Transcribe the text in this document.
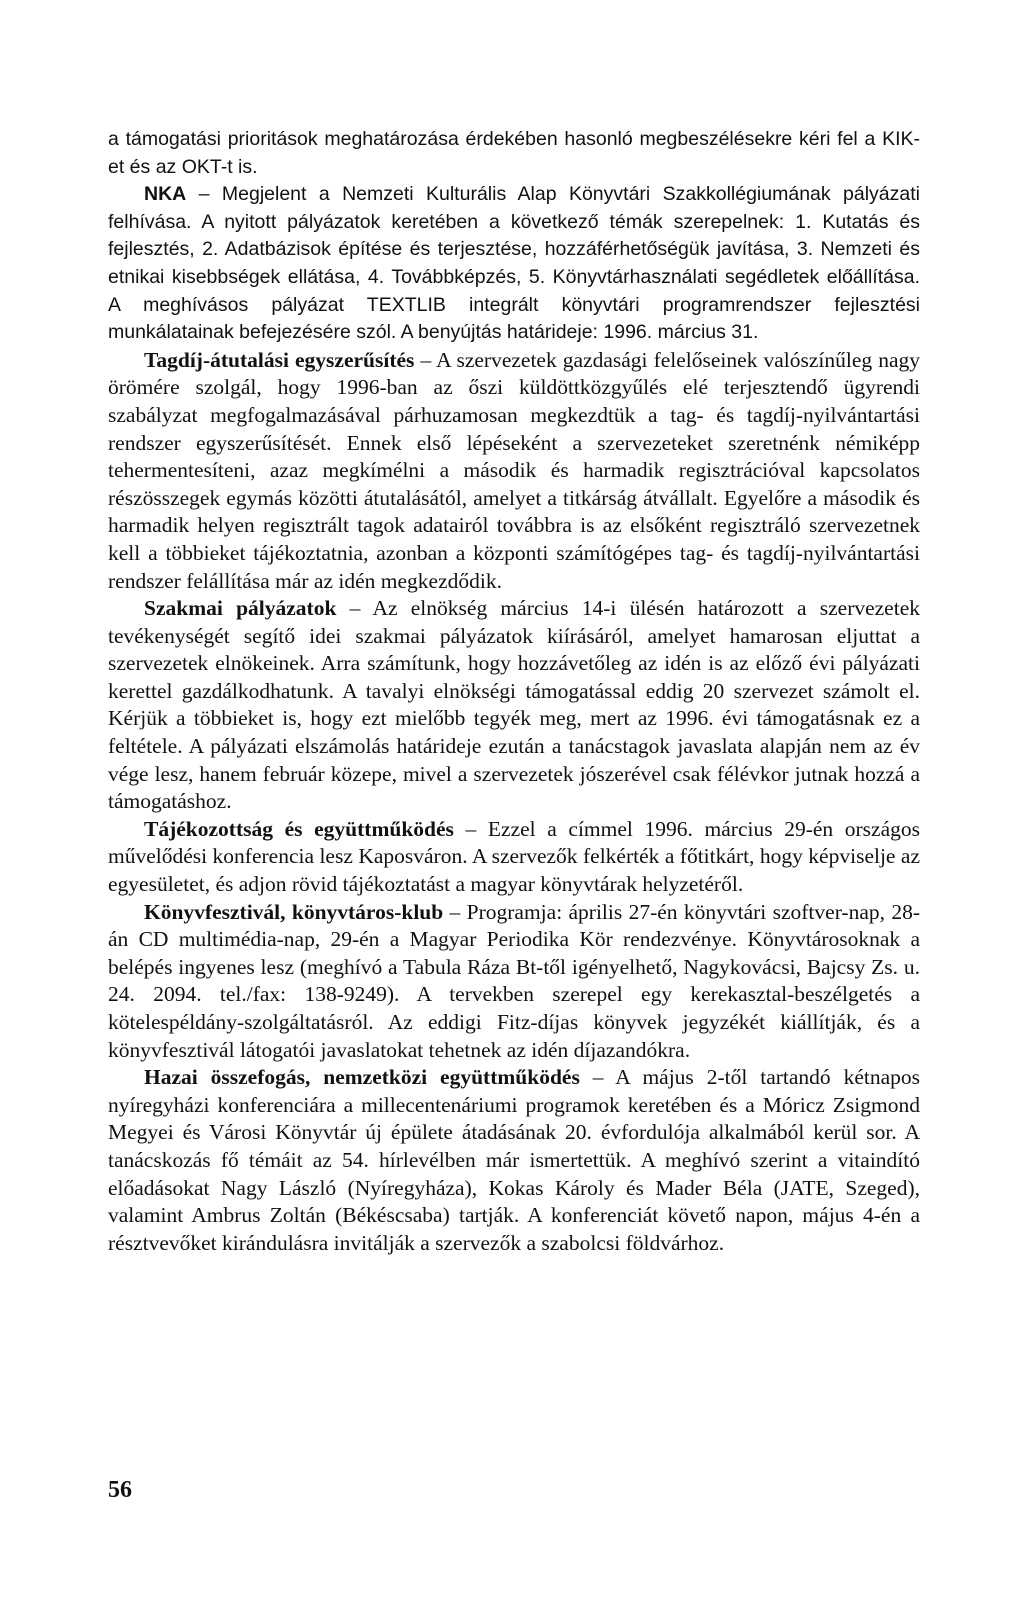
a támogatási prioritások meghatározása érdekében hasonló megbeszélésekre kéri fel a KIK-et és az OKT-t is.

NKA – Megjelent a Nemzeti Kulturális Alap Könyvtári Szakkollégiumának pályázati felhívása. A nyitott pályázatok keretében a következő témák szerepelnek: 1. Kutatás és fejlesztés, 2. Adatbázisok építése és terjesztése, hozzáférhetőségük javítása, 3. Nemzeti és etnikai kisebbségek ellátása, 4. Továbbképzés, 5. Könyvtárhasználati segédletek előállítása. A meghívásos pályázat TEXTLIB integrált könyvtári programrendszer fejlesztési munkálatainak befejezésére szól. A benyújtás határideje: 1996. március 31.

Tagdíj-átutalási egyszerűsítés – A szervezetek gazdasági felelőseinek valószínűleg nagy örömére szolgál, hogy 1996-ban az őszi küldöttközgyűlés elé terjesztendő ügyrendi szabályzat megfogalmazásával párhuzamosan megkezdtük a tag- és tagdíj-nyilvántartási rendszer egyszerűsítését. Ennek első lépéseként a szervezeteket szeretnénk némiképp tehermentesíteni, azaz megkímélni a második és harmadik regisztrációval kapcsolatos részösszegek egymás közötti átutalásától, amelyet a titkárság átvállalt. Egyelőre a második és harmadik helyen regisztrált tagok adatairól továbbra is az elsőként regisztráló szervezetnek kell a többieket tájékoztatnia, azonban a központi számítógépes tag- és tagdíj-nyilvántartási rendszer felállítása már az idén megkezdődik.

Szakmai pályázatok – Az elnökség március 14-i ülésén határozott a szervezetek tevékenységét segítő idei szakmai pályázatok kiírásáról, amelyet hamarosan eljuttat a szervezetek elnökeinek. Arra számítunk, hogy hozzávetőleg az idén is az előző évi pályázati kerettel gazdálkodhatunk. A tavalyi elnökségi támogatással eddig 20 szervezet számolt el. Kérjük a többieket is, hogy ezt mielőbb tegyék meg, mert az 1996. évi támogatásnak ez a feltétele. A pályázati elszámolás határideje ezután a tanácstagok javaslata alapján nem az év vége lesz, hanem február közepe, mivel a szervezetek jószerével csak félévkor jutnak hozzá a támogatáshoz.

Tájékozottság és együttműködés – Ezzel a címmel 1996. március 29-én országos művelődési konferencia lesz Kaposváron. A szervezők felkérték a főtitkárt, hogy képviselje az egyesületet, és adjon rövid tájékoztatást a magyar könyvtárak helyzetéről.

Könyvfesztivál, könyvtáros-klub – Programja: április 27-én könyvtári szoftver-nap, 28-án CD multimédia-nap, 29-én a Magyar Periodika Kör rendezvénye. Könyvtárosoknak a belépés ingyenes lesz (meghívó a Tabula Ráza Bt-től igényelhető, Nagykovácsi, Bajcsy Zs. u. 24. 2094. tel./fax: 138-9249). A tervekben szerepel egy kerekasztal-beszélgetés a kötelespéldány-szolgáltatásról. Az eddigi Fitz-díjas könyvek jegyzékét kiállítják, és a könyvfesztivál látogatói javaslatokat tehetnek az idén díjazandókra.

Hazai összefogás, nemzetközi együttműködés – A május 2-től tartandó kétnapos nyíregyházi konferenciára a millecentenáriumi programok keretében és a Móricz Zsigmond Megyei és Városi Könyvtár új épülete átadásának 20. évfordulója alkalmából kerül sor. A tanácskozás fő témáit az 54. hírlevélben már ismertettük. A meghívó szerint a vitaindító előadásokat Nagy László (Nyíregyháza), Kokas Károly és Mader Béla (JATE, Szeged), valamint Ambrus Zoltán (Békéscsaba) tartják. A konferenciát követő napon, május 4-én a résztvevőket kirándulásra invitálják a szervezők a szabolcsi földvárhoz.

56
